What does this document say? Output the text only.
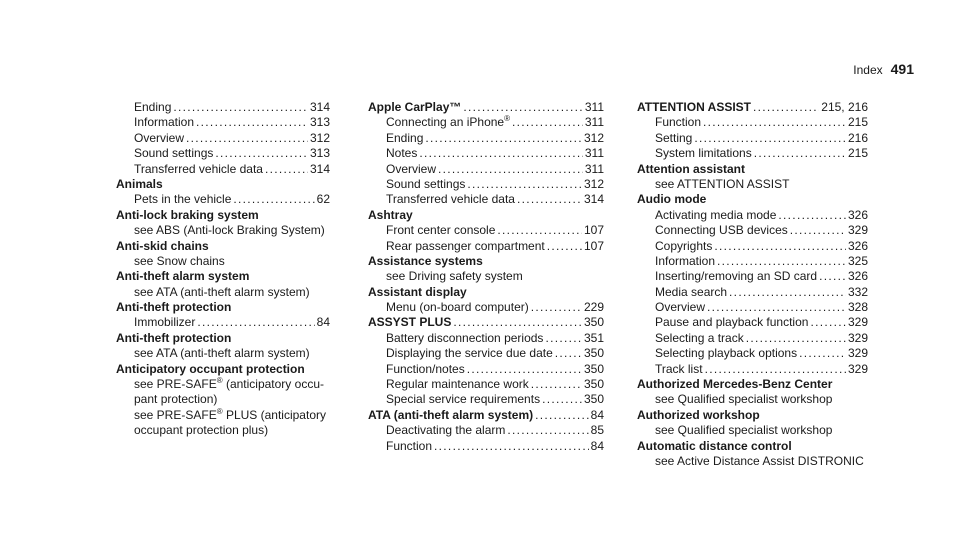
Index 491
Ending .....	314
Information .....	313
Overview .....	312
Sound settings .....	313
Transferred vehicle data .....	314
Animals
Pets in the vehicle .....	62
Anti-lock braking system
see ABS (Anti-lock Braking System)
Anti-skid chains
see Snow chains
Anti-theft alarm system
see ATA (anti-theft alarm system)
Anti-theft protection
Immobilizer .....	84
Anti-theft protection
see ATA (anti-theft alarm system)
Anticipatory occupant protection
see PRE-SAFE® (anticipatory occu-
pant protection)
see PRE-SAFE® PLUS (anticipatory
occupant protection plus)
Apple CarPlay™ .....	311
Connecting an iPhone® .....	311
Ending .....	312
Notes .....	311
Overview .....	311
Sound settings .....	312
Transferred vehicle data .....	314
Ashtray
Front center console .....	107
Rear passenger compartment .....	107
Assistance systems
see Driving safety system
Assistant display
Menu (on-board computer) .....	229
ASSYST PLUS .....	350
Battery disconnection periods .....	351
Displaying the service due date .....	350
Function/notes .....	350
Regular maintenance work .....	350
Special service requirements .....	350
ATA (anti-theft alarm system) .....	84
Deactivating the alarm .....	85
Function .....	84
ATTENTION ASSIST .....	215, 216
Function .....	215
Setting .....	216
System limitations .....	215
Attention assistant
see ATTENTION ASSIST
Audio mode
Activating media mode .....	326
Connecting USB devices .....	329
Copyrights .....	326
Information .....	325
Inserting/removing an SD card .....	326
Media search .....	332
Overview .....	328
Pause and playback function .....	329
Selecting a track .....	329
Selecting playback options .....	329
Track list .....	329
Authorized Mercedes-Benz Center
see Qualified specialist workshop
Authorized workshop
see Qualified specialist workshop
Automatic distance control
see Active Distance Assist DISTRONIC
